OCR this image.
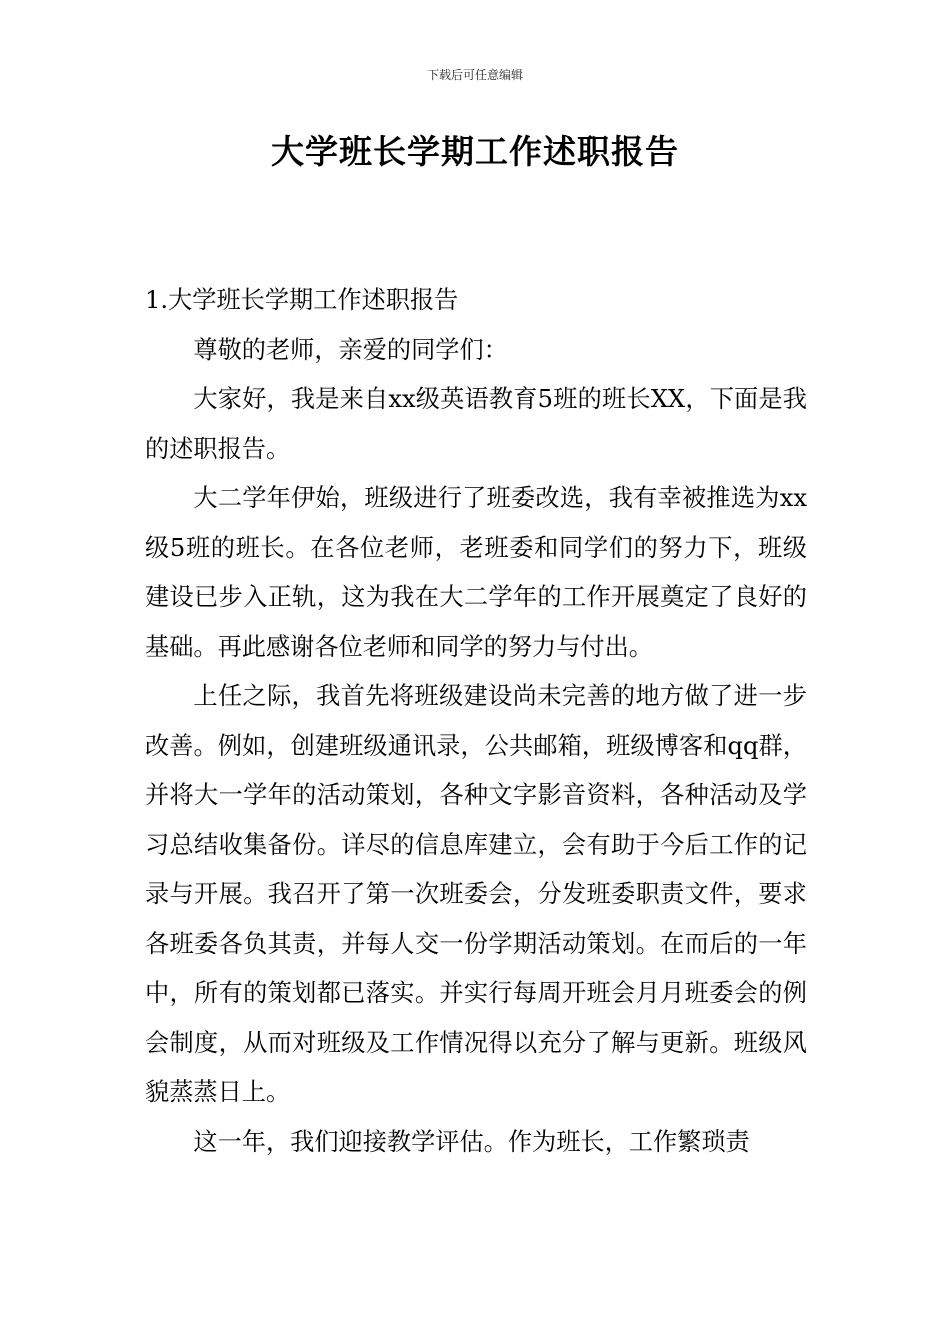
下载后可任意编辑
大学班长学期工作述职报告

1.大学班长学期工作述职报告

尊敬的老师，亲爱的同学们：

大家好，我是来自xx级英语教育5班的班长XX，下面是我的述职报告。

大二学年伊始，班级进行了班委改选，我有幸被推选为xx级5班的班长。在各位老师，老班委和同学们的努力下，班级建设已步入正轨，这为我在大二学年的工作开展奠定了良好的基础。再此感谢各位老师和同学的努力与付出。

上任之际，我首先将班级建设尚未完善的地方做了进一步改善。例如，创建班级通讯录，公共邮箱，班级博客和qq群，并将大一学年的活动策划，各种文字影音资料，各种活动及学习总结收集备份。详尽的信息库建立，会有助于今后工作的记录与开展。我召开了第一次班委会，分发班委职责文件，要求各班委各负其责，并每人交一份学期活动策划。在而后的一年中，所有的策划都已落实。并实行每周开班会月月班委会的例会制度，从而对班级及工作情况得以充分了解与更新。班级风貌蒸蒸日上。

这一年，我们迎接教学评估。作为班长，工作繁琐责
